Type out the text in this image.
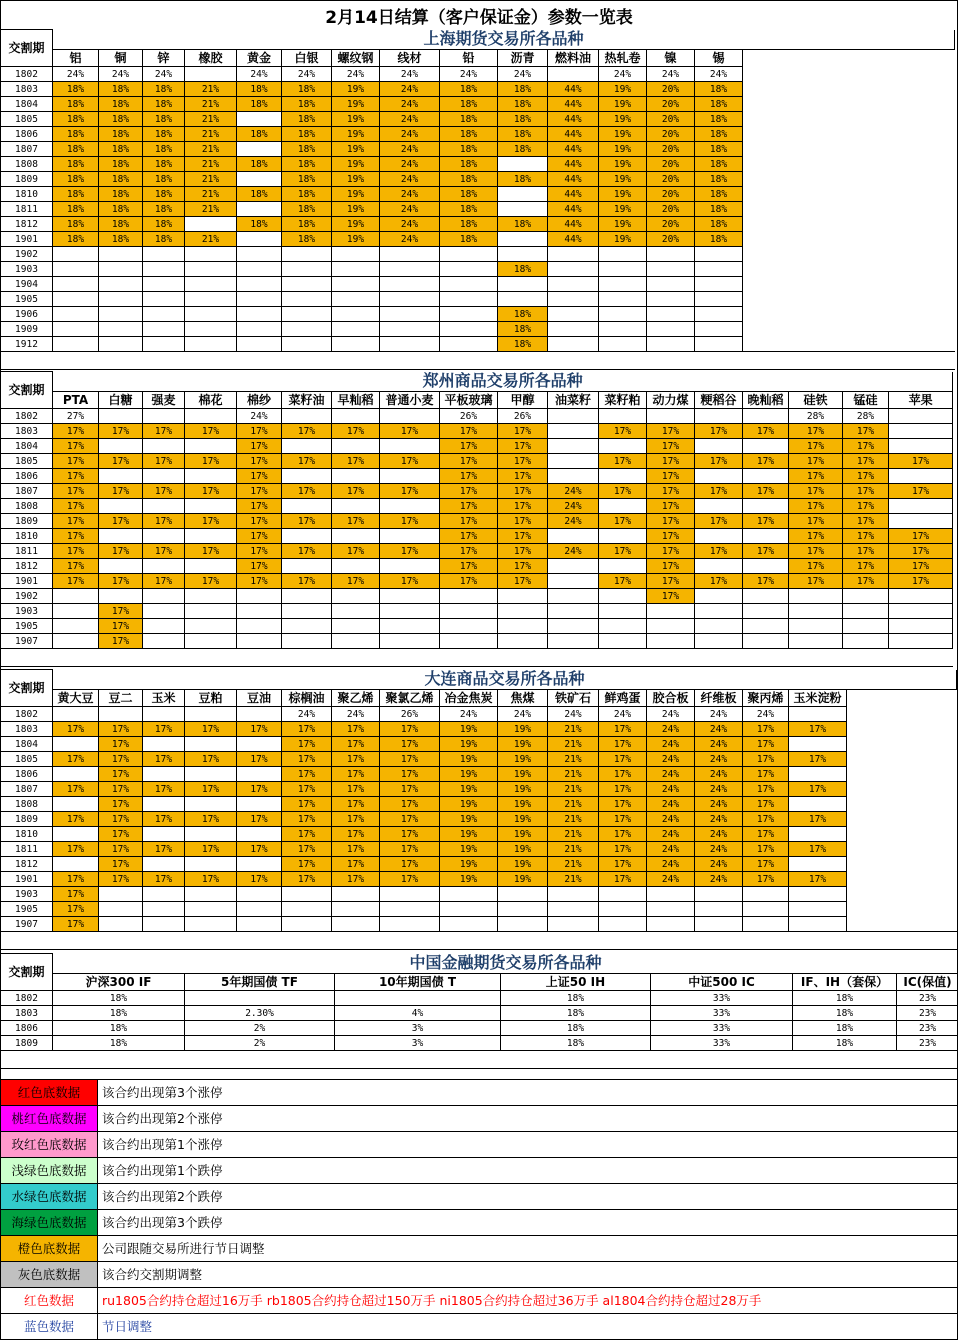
2月14日结算（客户保证金）参数一览表
交割期	上海期货交易所各品种														
	铝	铜	锌	橡胶	黄金	白银	螺纹钢	线材	铅	沥青	燃料油	热轧卷	镍	锡	
1802	24%	24%	24%		24%	24%	24%	24%	24%	24%		24%	24%	24%	
1803	18%	18%	18%	21%	18%	18%	19%	24%	18%	18%	44%	19%	20%	18%	
1804	18%	18%	18%	21%	18%	18%	19%	24%	18%	18%	44%	19%	20%	18%	
1805	18%	18%	18%	21%		18%	19%	24%	18%	18%	44%	19%	20%	18%	
1806	18%	18%	18%	21%	18%	18%	19%	24%	18%	18%	44%	19%	20%	18%	
1807	18%	18%	18%	21%		18%	19%	24%	18%	18%	44%	19%	20%	18%	
1808	18%	18%	18%	21%	18%	18%	19%	24%	18%		44%	19%	20%	18%	
1809	18%	18%	18%	21%		18%	19%	24%	18%	18%	44%	19%	20%	18%	
1810	18%	18%	18%	21%	18%	18%	19%	24%	18%		44%	19%	20%	18%	
1811	18%	18%	18%	21%		18%	19%	24%	18%		44%	19%	20%	18%	
1812	18%	18%	18%		18%	18%	19%	24%	18%	18%	44%	19%	20%	18%	
1901	18%	18%	18%	21%		18%	19%	24%	18%		44%	19%	20%	18%	
1902															
1903										18%					
1904															
1905															
1906										18%					
1909										18%					
1912										18%					

交割期	郑州商品交易所各品种																	
	PTA	白糖	强麦	棉花	棉纱	菜籽油	早籼稻	普通小麦	平板玻璃	甲醇	油菜籽	菜籽粕	动力煤	粳稻谷	晚籼稻	硅铁	锰硅	苹果
1802	27%				24%				26%	26%						28%	28%	
1803	17%	17%	17%	17%	17%	17%	17%	17%	17%	17%		17%	17%	17%	17%	17%	17%	
1804	17%				17%				17%	17%			17%			17%	17%	
1805	17%	17%	17%	17%	17%	17%	17%	17%	17%	17%		17%	17%	17%	17%	17%	17%	17%
1806	17%				17%				17%	17%			17%			17%	17%	
1807	17%	17%	17%	17%	17%	17%	17%	17%	17%	17%	24%	17%	17%	17%	17%	17%	17%	17%
1808	17%				17%				17%	17%	24%		17%			17%	17%	
1809	17%	17%	17%	17%	17%	17%	17%	17%	17%	17%	24%	17%	17%	17%	17%	17%	17%	
1810	17%				17%				17%	17%			17%			17%	17%	17%
1811	17%	17%	17%	17%	17%	17%	17%	17%	17%	17%	24%	17%	17%	17%	17%	17%	17%	17%
1812	17%				17%				17%	17%			17%			17%	17%	17%
1901	17%	17%	17%	17%	17%	17%	17%	17%	17%	17%		17%	17%	17%	17%	17%	17%	17%
1902													17%					
1903		17%																
1905		17%																
1907		17%																

交割期	大连商品交易所各品种																
	黄大豆	豆二	玉米	豆粕	豆油	棕榈油	聚乙烯	聚氯乙烯	冶金焦炭	焦煤	铁矿石	鲜鸡蛋	胶合板	纤维板	聚丙烯	玉米淀粉	
1802						24%	24%	26%	24%	24%	24%	24%	24%	24%	24%		
1803	17%	17%	17%	17%	17%	17%	17%	17%	19%	19%	21%	17%	24%	24%	17%	17%	
1804		17%				17%	17%	17%	19%	19%	21%	17%	24%	24%	17%		
1805	17%	17%	17%	17%	17%	17%	17%	17%	19%	19%	21%	17%	24%	24%	17%	17%	
1806		17%				17%	17%	17%	19%	19%	21%	17%	24%	24%	17%		
1807	17%	17%	17%	17%	17%	17%	17%	17%	19%	19%	21%	17%	24%	24%	17%	17%	
1808		17%				17%	17%	17%	19%	19%	21%	17%	24%	24%	17%		
1809	17%	17%	17%	17%	17%	17%	17%	17%	19%	19%	21%	17%	24%	24%	17%	17%	
1810		17%				17%	17%	17%	19%	19%	21%	17%	24%	24%	17%		
1811	17%	17%	17%	17%	17%	17%	17%	17%	19%	19%	21%	17%	24%	24%	17%	17%	
1812		17%				17%	17%	17%	19%	19%	21%	17%	24%	24%	17%		
1901	17%	17%	17%	17%	17%	17%	17%	17%	19%	19%	21%	17%	24%	24%	17%	17%	
1903	17%																
1905	17%																
1907	17%																

交割期	中国金融期货交易所各品种						
	沪深300 IF	5年期国债 TF	10年期国债 T	上证50 IH	中证500 IC	IF、IH（套保）	IC(保值)
1802	18%			18%	33%	18%	23%
1803	18%	2.30%	4%	18%	33%	18%	23%
1806	18%	2%	3%	18%	33%	18%	23%
1809	18%	2%	3%	18%	33%	18%	23%

红色底数据	该合约出现第3个涨停
桃红色底数据	该合约出现第2个涨停
玫红色底数据	该合约出现第1个涨停
浅绿色底数据	该合约出现第1个跌停
水绿色底数据	该合约出现第2个跌停
海绿色底数据	该合约出现第3个跌停
橙色底数据	公司跟随交易所进行节日调整
灰色底数据	该合约交割期调整
红色数据	ru1805合约持仓超过16万手 rb1805合约持仓超过150万手 ni1805合约持仓超过36万手 al1804合约持仓超过28万手
蓝色数据	节日调整
